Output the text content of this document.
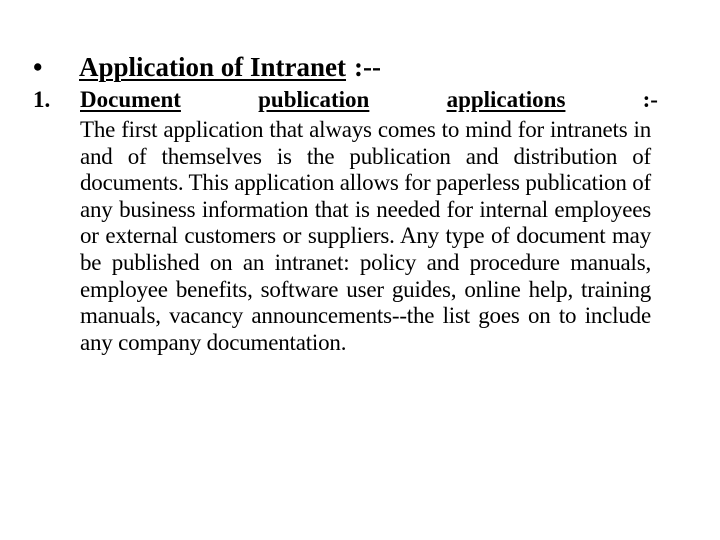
• Application of Intranet :--
1. Document	publication	applications	:-
The first application that always comes to mind for intranets in and of themselves is the publication and distribution of documents. This application allows for paperless publication of any business information that is needed for internal employees or external customers or suppliers. Any type of document may be published on an intranet: policy and procedure manuals, employee benefits, software user guides, online help, training manuals, vacancy announcements--the list goes on to include any company documentation.
